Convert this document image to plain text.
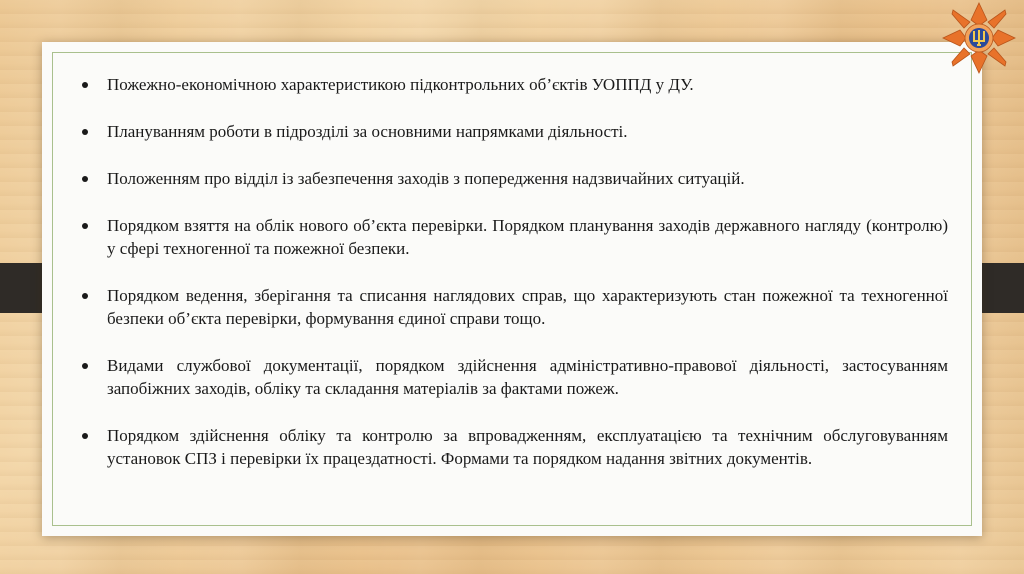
Пожежно-економічною характеристикою підконтрольних об’єктів УОППД у ДУ.
Плануванням роботи в підрозділі за основними напрямками діяльності.
Положенням про відділ із забезпечення заходів з попередження надзвичайних ситуацій.
Порядком взяття на облік нового об’єкта перевірки. Порядком планування заходів державного нагляду (контролю) у сфері техногенної та пожежної безпеки.
Порядком ведення, зберігання та списання наглядових справ, що характеризують стан пожежної та техногенної безпеки об’єкта перевірки, формування єдиної справи тощо.
Видами службової документації, порядком здійснення адміністративно-правової діяльності, застосуванням запобіжних заходів, обліку та складання матеріалів за фактами пожеж.
Порядком здійснення обліку та контролю за впровадженням, експлуатацією та технічним обслуговуванням установок СПЗ і перевірки їх працездатності. Формами та порядком надання звітних документів.
